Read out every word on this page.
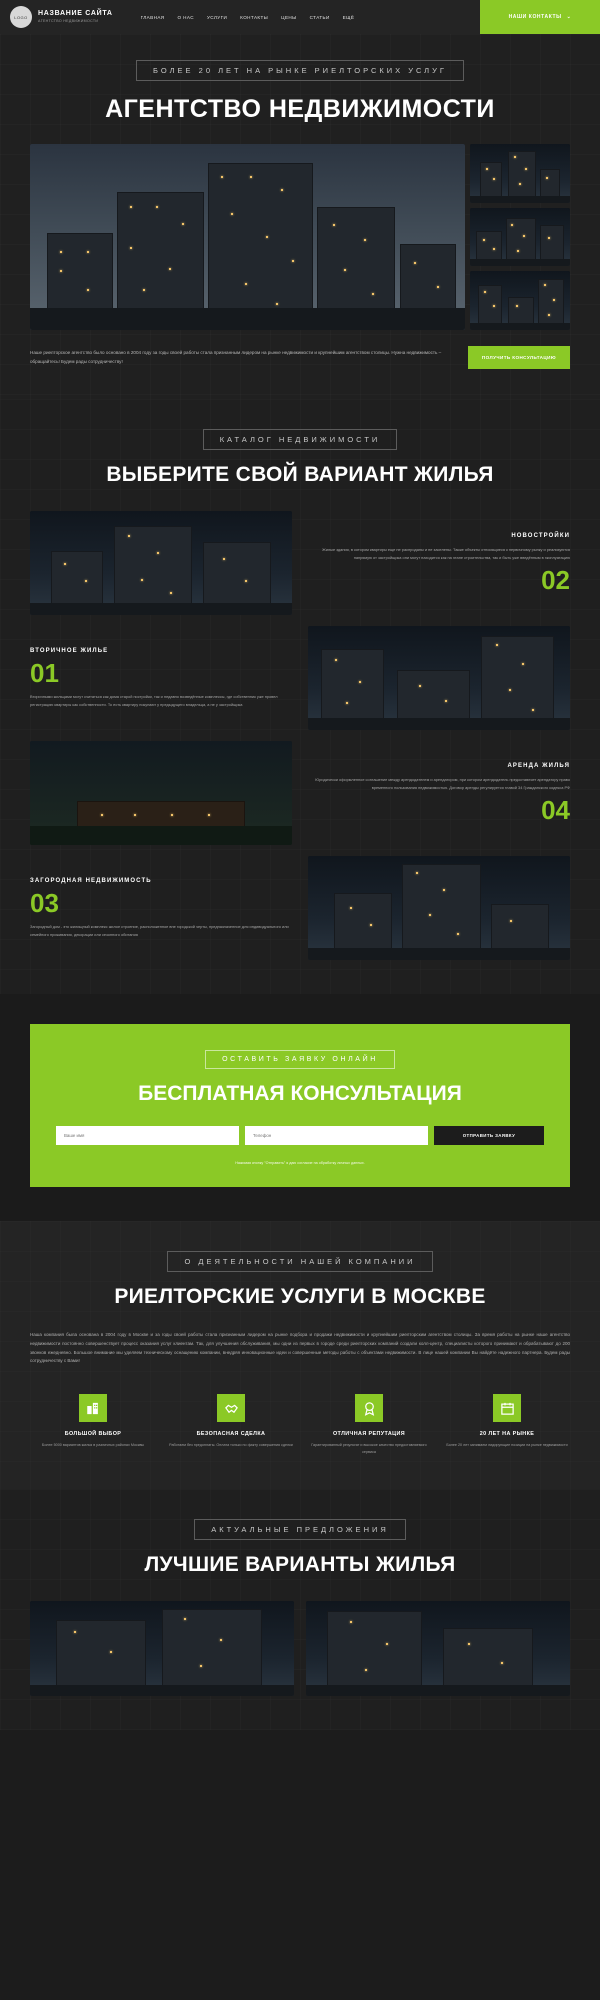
LOGO	НАЗВАНИЕ САЙТА
АГЕНТСТВО НЕДВИЖИМОСТИ
ГЛАВНАЯ	О НАС	УСЛУГИ	КОНТАКТЫ	ЦЕНЫ	СТАТЬИ	ЕЩЁ	НАШИ КОНТАКТЫ ⌄
БОЛЕЕ 20 ЛЕТ НА РЫНКЕ РИЕЛТОРСКИХ УСЛУГ
АГЕНТСТВО НЕДВИЖИМОСТИ

Наше риелторское агентство было основано в 2004 году за годы своей работы стала признанным лидером на рынке недвижимости и крупнейшим агентством столицы. Нужна недвижимость – обращайтесь! Будем рады сотрудничеству!

ПОЛУЧИТЬ КОНСУЛЬТАЦИЮ
КАТАЛОГ НЕДВИЖИМОСТИ
ВЫБЕРИТЕ СВОЙ ВАРИАНТ ЖИЛЬЯ
НОВОСТРОЙКИ
Жилые здания, в котором квартиры еще не распроданы и не заселены. Также объекты относящиеся к первичному рынку и реализуются напрямую от застройщика они могут находится как на этапе строительства, так и быть уже введённым в эксплуатацию
02
ВТОРИЧНОЕ ЖИЛЬЕ
01
Вторичными жильцами могут считаться как дома старой постройки, так и недавно возведённые комплексы, где собственник уже провел регистрацию квартиры как собственности. То есть квартиру покупают у предыдущего владельца, а не у застройщика
АРЕНДА ЖИЛЬЯ
Юридически оформленное соглашение между арендодателем и арендатором, при котором арендодатель предоставляет арендатору право временного пользования недвижимостью. Договор аренды регулируется главой 34 Гражданского кодекса РФ
04
ЗАГОРОДНАЯ НЕДВИЖИМОСТЬ
03
Загородный дом - это жилищный комплекс жилое строение, расположенное вне городской черты, предназначенное для индивидуального или семейного проживания, декорации или сезонного обитания
ОСТАВИТЬ ЗАЯВКУ ОНЛАЙН
БЕСПЛАТНАЯ КОНСУЛЬТАЦИЯ
Ваше имя
Телефон
ОТПРАВИТЬ ЗАЯВКУ
Нажимая кнопку "Отправить" я даю согласие на обработку личных данных.
О ДЕЯТЕЛЬНОСТИ НАШЕЙ КОМПАНИИ
РИЕЛТОРСКИЕ УСЛУГИ В МОСКВЕ

Наша компания была основана в 2004 году в Москве и за годы своей работы стала признанным лидером на рынке подбора и продажи недвижимости и крупнейшим риелторским агентством столицы. За время работы на рынке наше агентство недвижимости постоянно совершенствует процесс оказания услуг клиентам. Так, для улучшения обслуживания, мы одни из первых в городе среди риелторских компаний создали колл-центр, специалисты которого принимают и обрабатывают до 200 звонков ежедневно. Большое внимание мы уделяем техническому оснащению компании, внедряя инновационные идеи и совершенные методы работы с объектами недвижимости. В лице нашей компании Вы найдёте надежного партнера. Будем рады сотрудничеству с Вами!

БОЛЬШОЙ ВЫБОР
Более 5000 вариантов жилья в различных районах Москвы
БЕЗОПАСНАЯ СДЕЛКА
Работаем без предоплаты. Оплата только по факту совершения сделки
ОТЛИЧНАЯ РЕПУТАЦИЯ
Гарантированный результат и высокое качество предоставляемого сервиса
20 ЛЕТ НА РЫНКЕ
Более 20 лет занимаем лидирующие позиции на рынке недвижимости
АКТУАЛЬНЫЕ ПРЕДЛОЖЕНИЯ
ЛУЧШИЕ ВАРИАНТЫ ЖИЛЬЯ
